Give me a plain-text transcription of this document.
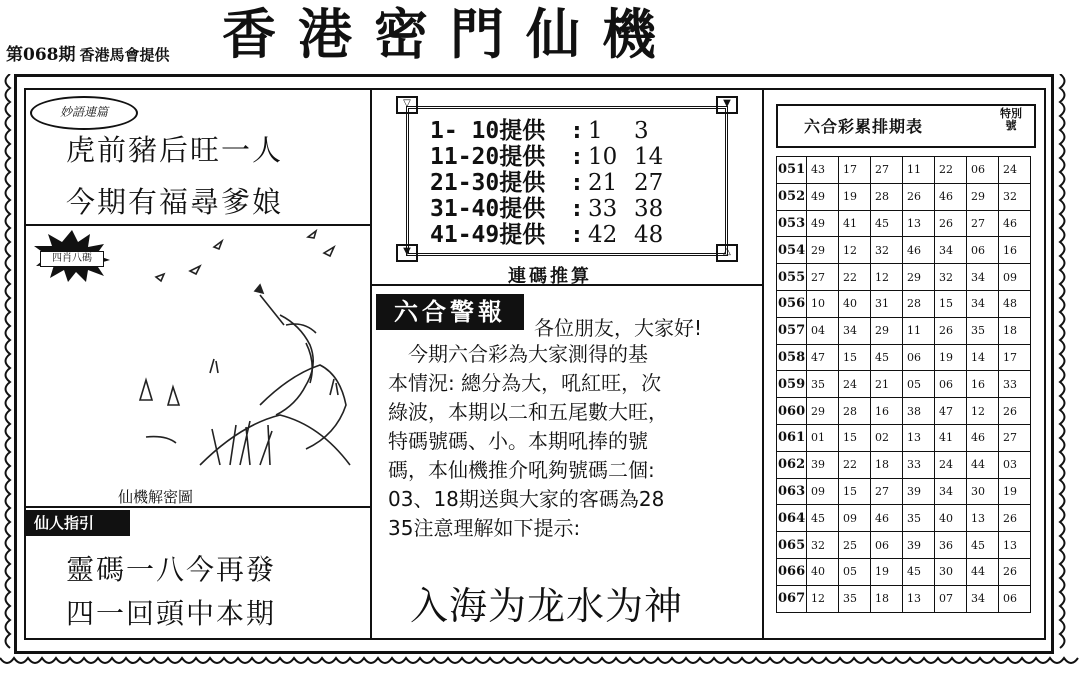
第068期 香港馬會提供 香港密門仙機
妙語連篇
虎前豬后旺一人
今期有福尋爹娘
四肖八碼
仙機解密圖
仙人指引
靈碼一八今再發
四一回頭中本期
▽	▼
▼	△
1- 10提供 : 1 3
11-20提供 : 10 14
21-30提供 : 21 27
31-40提供 : 33 38
41-49提供 : 42 48
連碼推算
六合警報
各位朋友，大家好!
　今期六合彩為大家測得的基
本情況: 總分為大，吼紅旺，次
綠波，本期以二和五尾數大旺，
特碼號碼、小。本期吼捧的號
碼，本仙機推介吼夠號碼二個:
03、18期送與大家的客碼為28
35注意理解如下提示:
入海为龙水为神
六合彩累排期表
特別號
051	43	17	27	11	22	06	24
052	49	19	28	26	46	29	32
053	49	41	45	13	26	27	46
054	29	12	32	46	34	06	16
055	27	22	12	29	32	34	09
056	10	40	31	28	15	34	48
057	04	34	29	11	26	35	18
058	47	15	45	06	19	14	17
059	35	24	21	05	06	16	33
060	29	28	16	38	47	12	26
061	01	15	02	13	41	46	27
062	39	22	18	33	24	44	03
063	09	15	27	39	34	30	19
064	45	09	46	35	40	13	26
065	32	25	06	39	36	45	13
066	40	05	19	45	30	44	26
067	12	35	18	13	07	34	06
